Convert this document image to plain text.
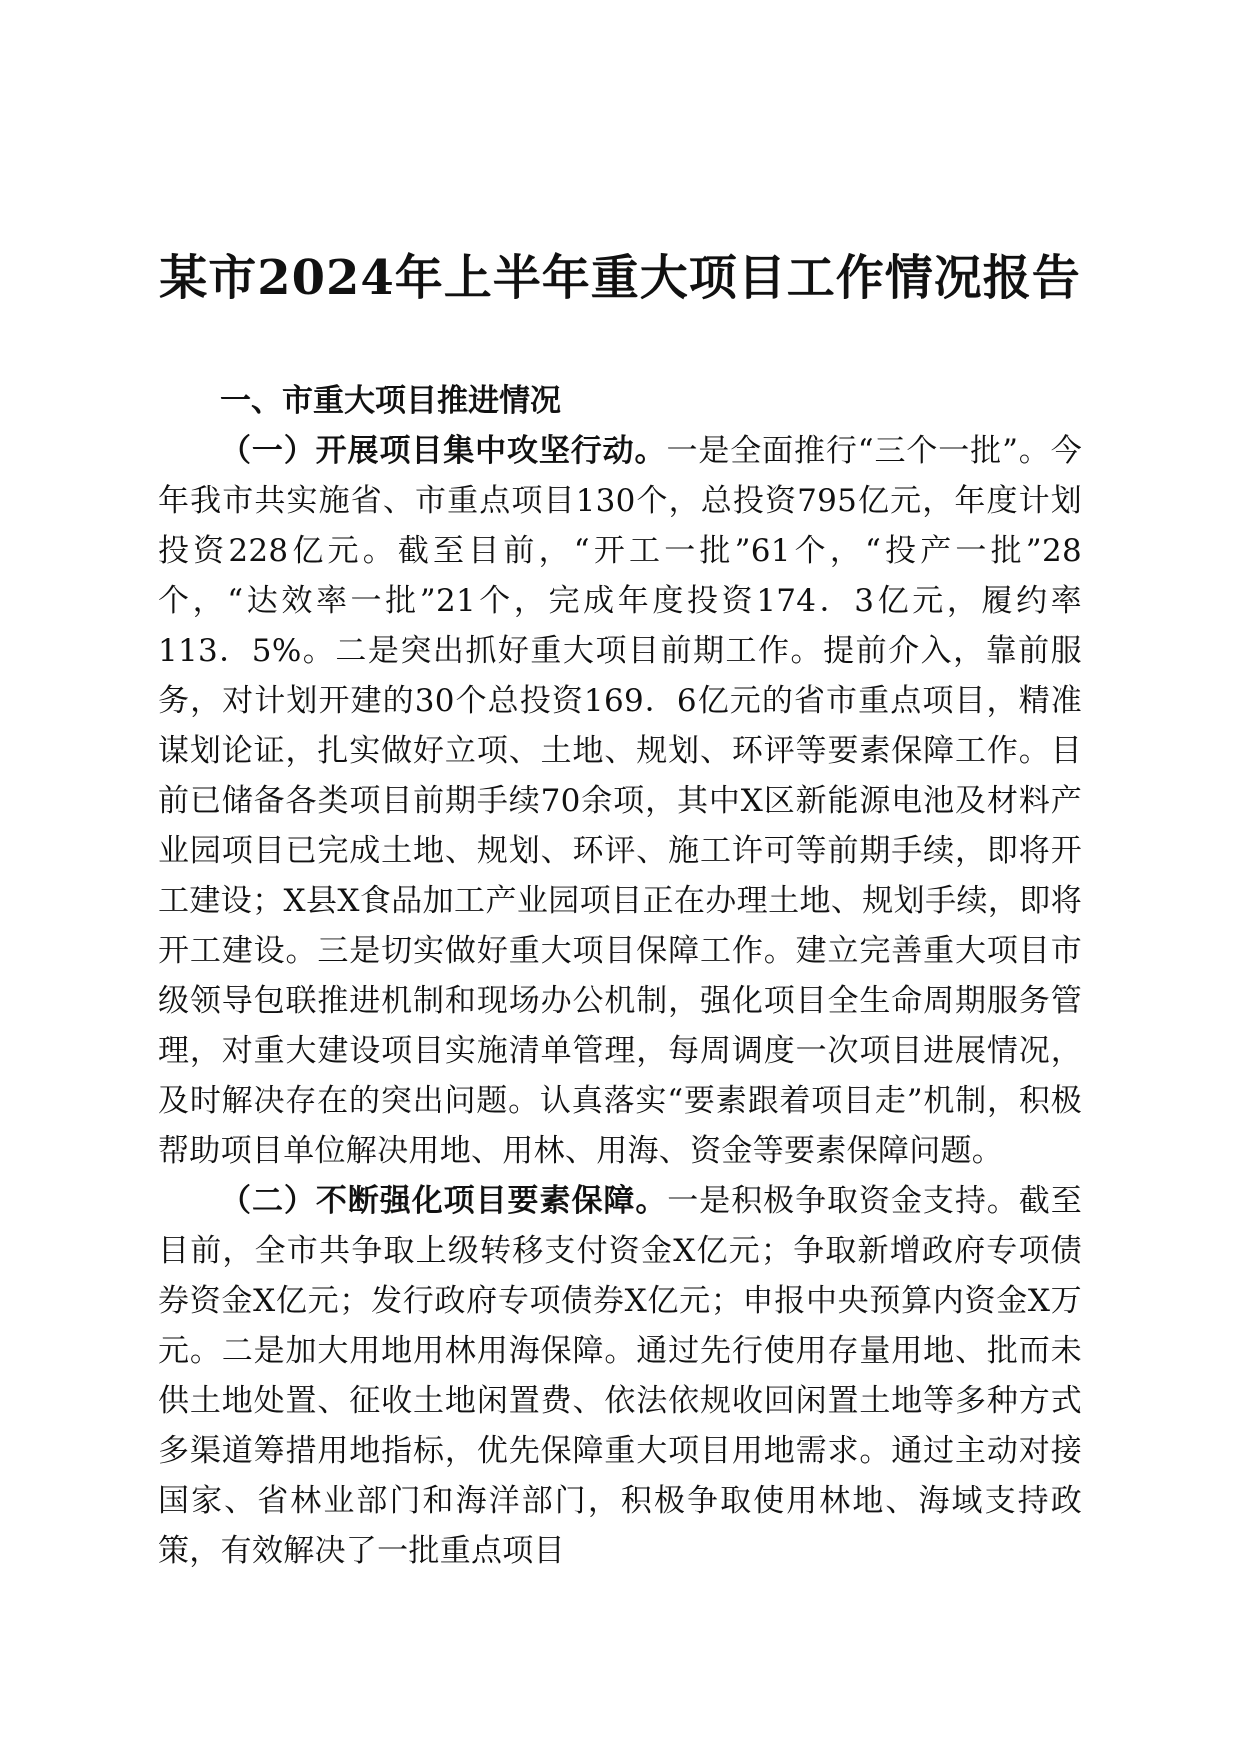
某市2024年上半年重大项目工作情况报告

一、市重大项目推进情况

（一）开展项目集中攻坚行动。一是全面推行“三个一批”。今年我市共实施省、市重点项目130个，总投资795亿元，年度计划投资228亿元。截至目前，“开工一批”61个，“投产一批”28个，“达效率一批”21个，完成年度投资174．3亿元，履约率113．5%。二是突出抓好重大项目前期工作。提前介入，靠前服务，对计划开建的30个总投资169．6亿元的省市重点项目，精准谋划论证，扎实做好立项、土地、规划、环评等要素保障工作。目前已储备各类项目前期手续70余项，其中X区新能源电池及材料产业园项目已完成土地、规划、环评、施工许可等前期手续，即将开工建设；X县X食品加工产业园项目正在办理土地、规划手续，即将开工建设。三是切实做好重大项目保障工作。建立完善重大项目市级领导包联推进机制和现场办公机制，强化项目全生命周期服务管理，对重大建设项目实施清单管理，每周调度一次项目进展情况，及时解决存在的突出问题。认真落实“要素跟着项目走”机制，积极帮助项目单位解决用地、用林、用海、资金等要素保障问题。

（二）不断强化项目要素保障。一是积极争取资金支持。截至目前，全市共争取上级转移支付资金X亿元；争取新增政府专项债券资金X亿元；发行政府专项债券X亿元；申报中央预算内资金X万元。二是加大用地用林用海保障。通过先行使用存量用地、批而未供土地处置、征收土地闲置费、依法依规收回闲置土地等多种方式多渠道筹措用地指标，优先保障重大项目用地需求。通过主动对接国家、省林业部门和海洋部门，积极争取使用林地、海域支持政策，有效解决了一批重点项目
